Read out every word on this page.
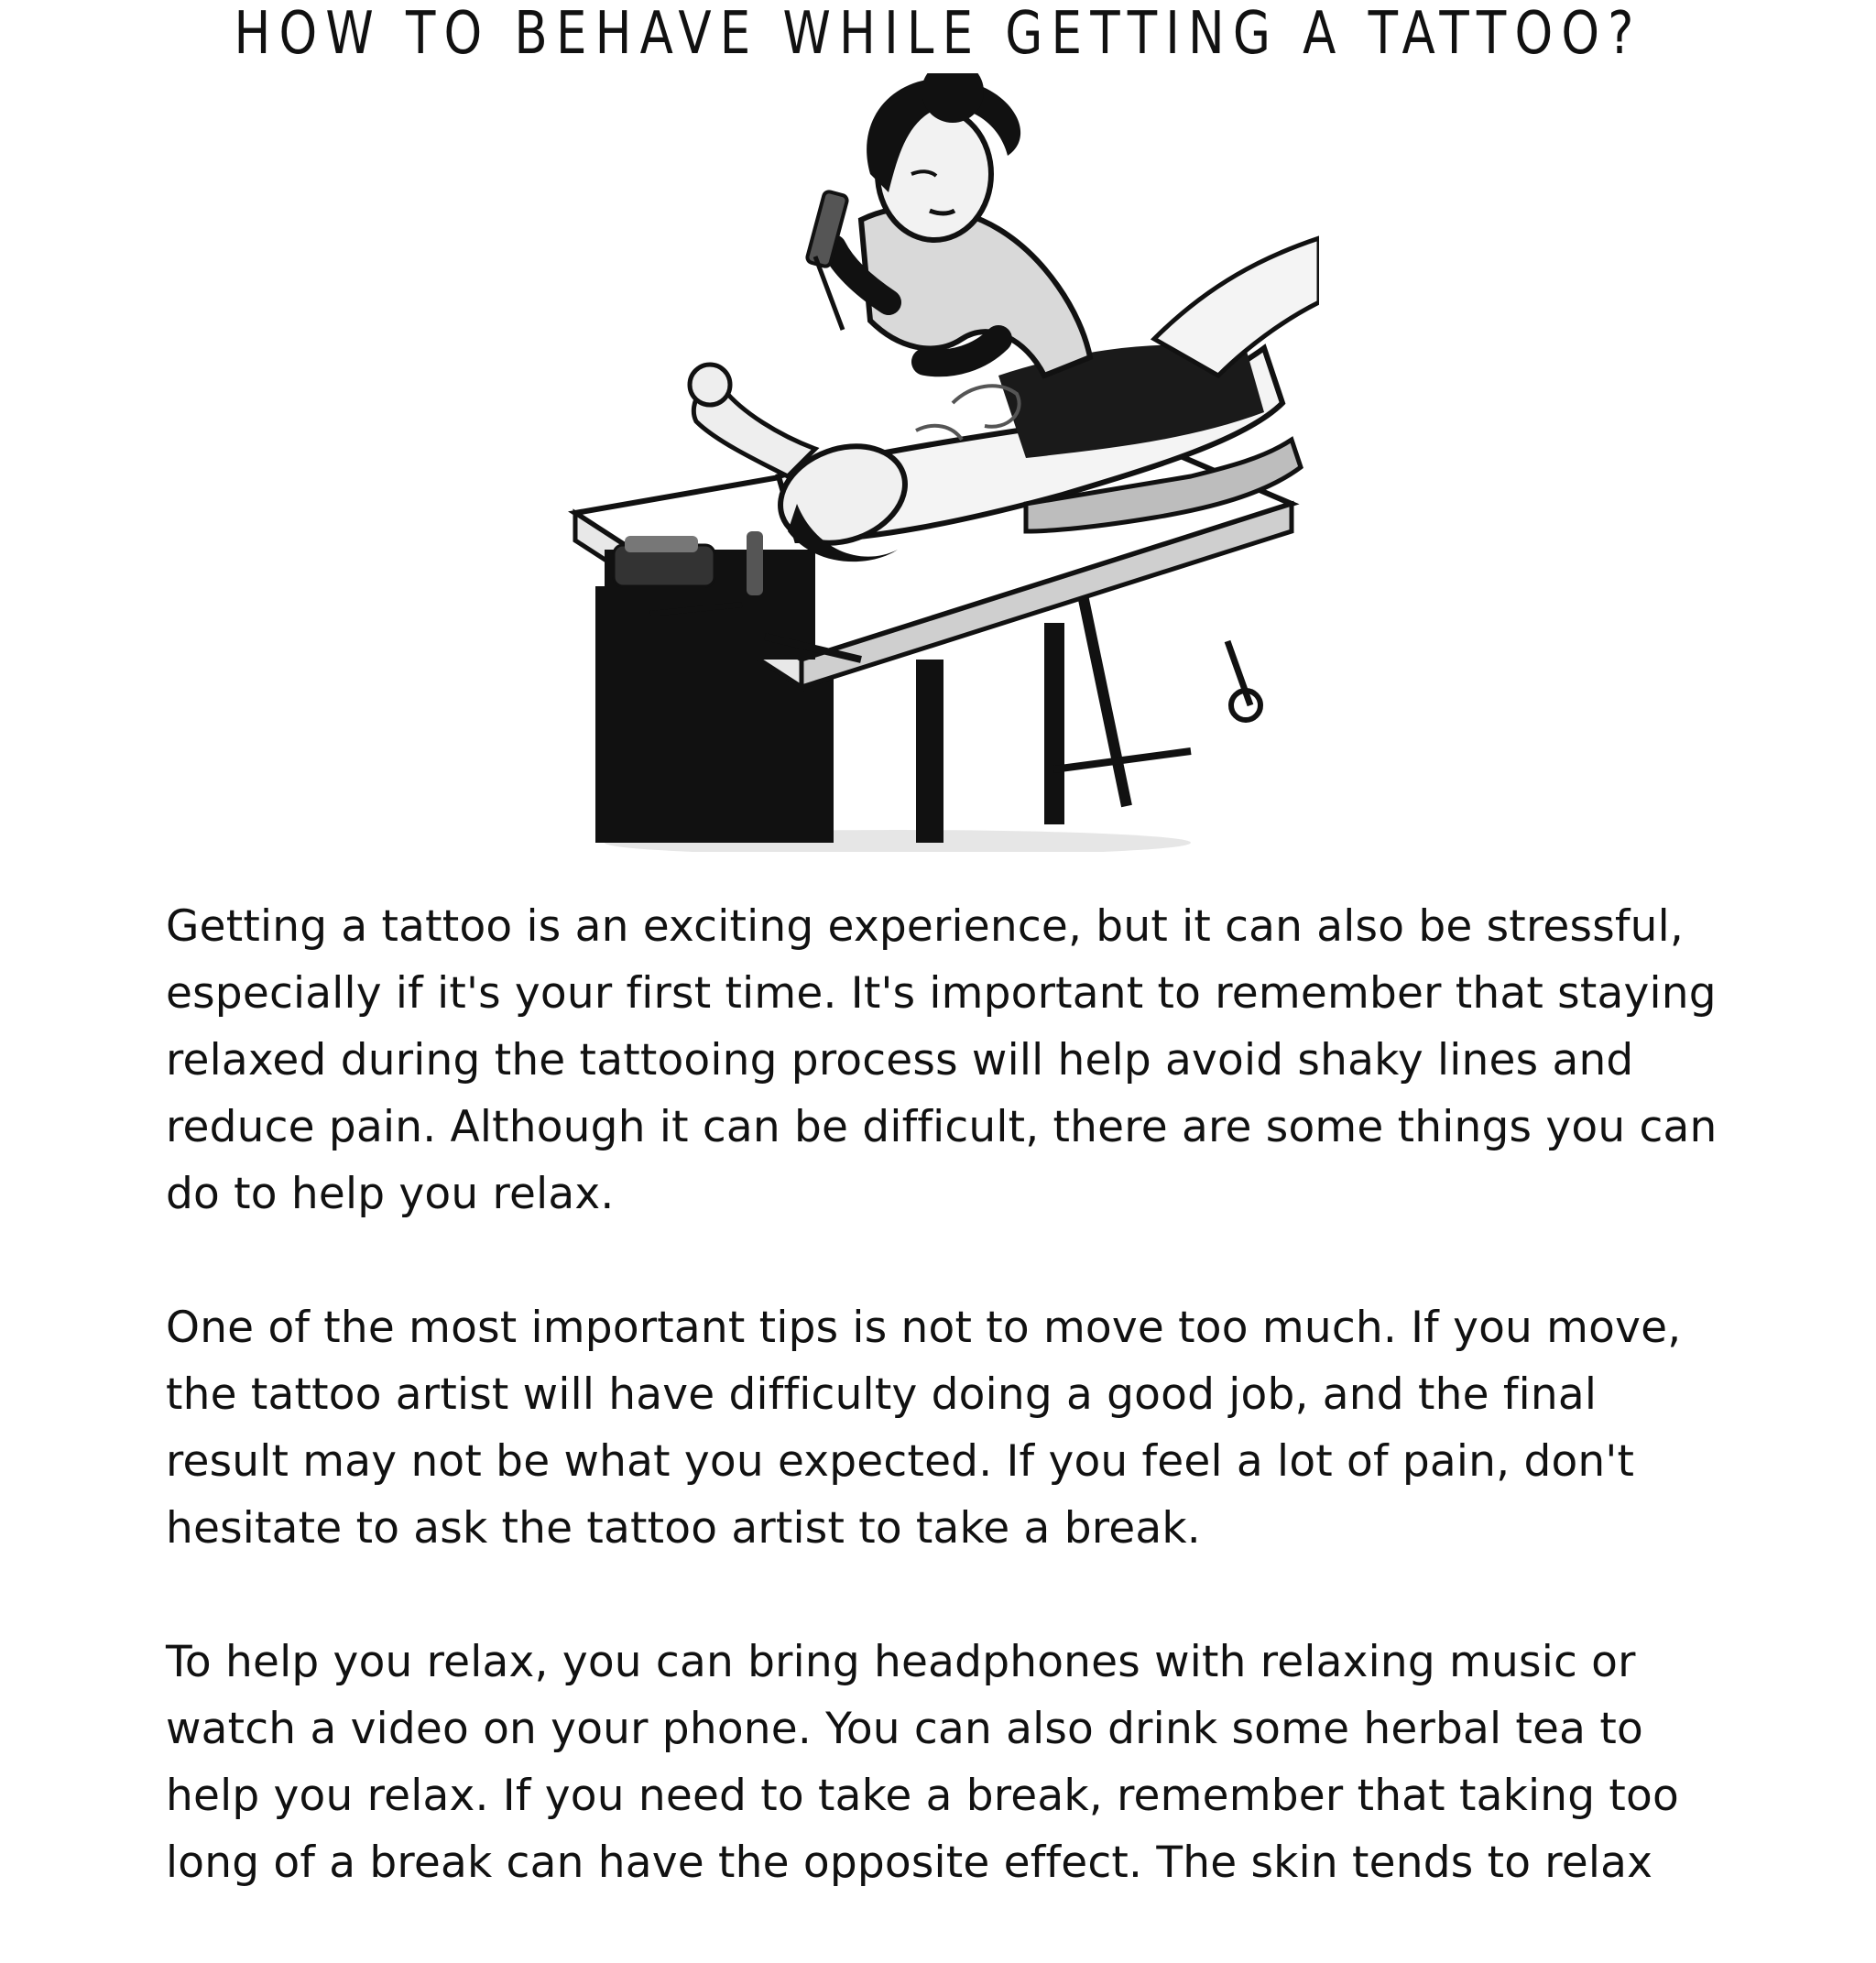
HOW TO BEHAVE WHILE GETTING A TATTOO?

Getting a tattoo is an exciting experience, but it can also be stressful, especially if it's your first time. It's important to remember that staying relaxed during the tattooing process will help avoid shaky lines and reduce pain. Although it can be difficult, there are some things you can do to help you relax.

One of the most important tips is not to move too much. If you move, the tattoo artist will have difficulty doing a good job, and the final result may not be what you expected. If you feel a lot of pain, don't hesitate to ask the tattoo artist to take a break.

To help you relax, you can bring headphones with relaxing music or watch a video on your phone. You can also drink some herbal tea to help you relax. If you need to take a break, remember that taking too long of a break can have the opposite effect. The skin tends to relax
